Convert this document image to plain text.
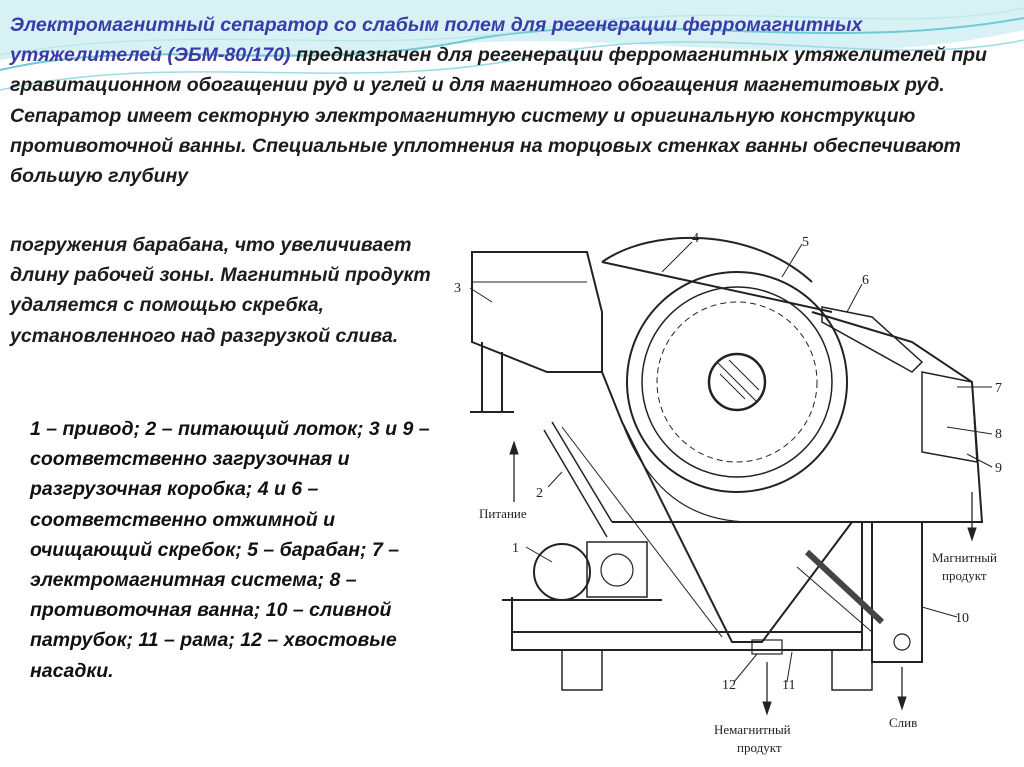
Электромагнитный сепаратор со слабым полем для регенерации ферромагнитных утяжелителей (ЭБМ-80/170) предназначен для регенерации ферромагнитных утяжелителей при гравитационном обогащении руд и углей и для магнитного обогащения магнетитовых руд. Сепаратор имеет секторную электромагнитную систему и оригинальную конструкцию противоточной ванны. Специальные уплотнения на торцовых стенках ванны обеспечивают большую глубину

погружения барабана, что увеличивает длину рабочей зоны. Магнитный продукт удаляется с помощью скребка, установленного над разгрузкой слива.

1 – привод; 2 – питающий лоток; 3 и 9 – соответственно загрузочная и разгрузочная коробка; 4 и 6 – соответственно отжимной и очищающий скребок; 5 – барабан; 7 – электромагнитная система; 8 – противоточная ванна; 10 – сливной патрубок; 11 – рама; 12 – хвостовые насадки.

1
2
3
4	5
6
7
8
9
10
11
12
Питание
Магнитный
продукт
Немагнитный
продукт
Слив
